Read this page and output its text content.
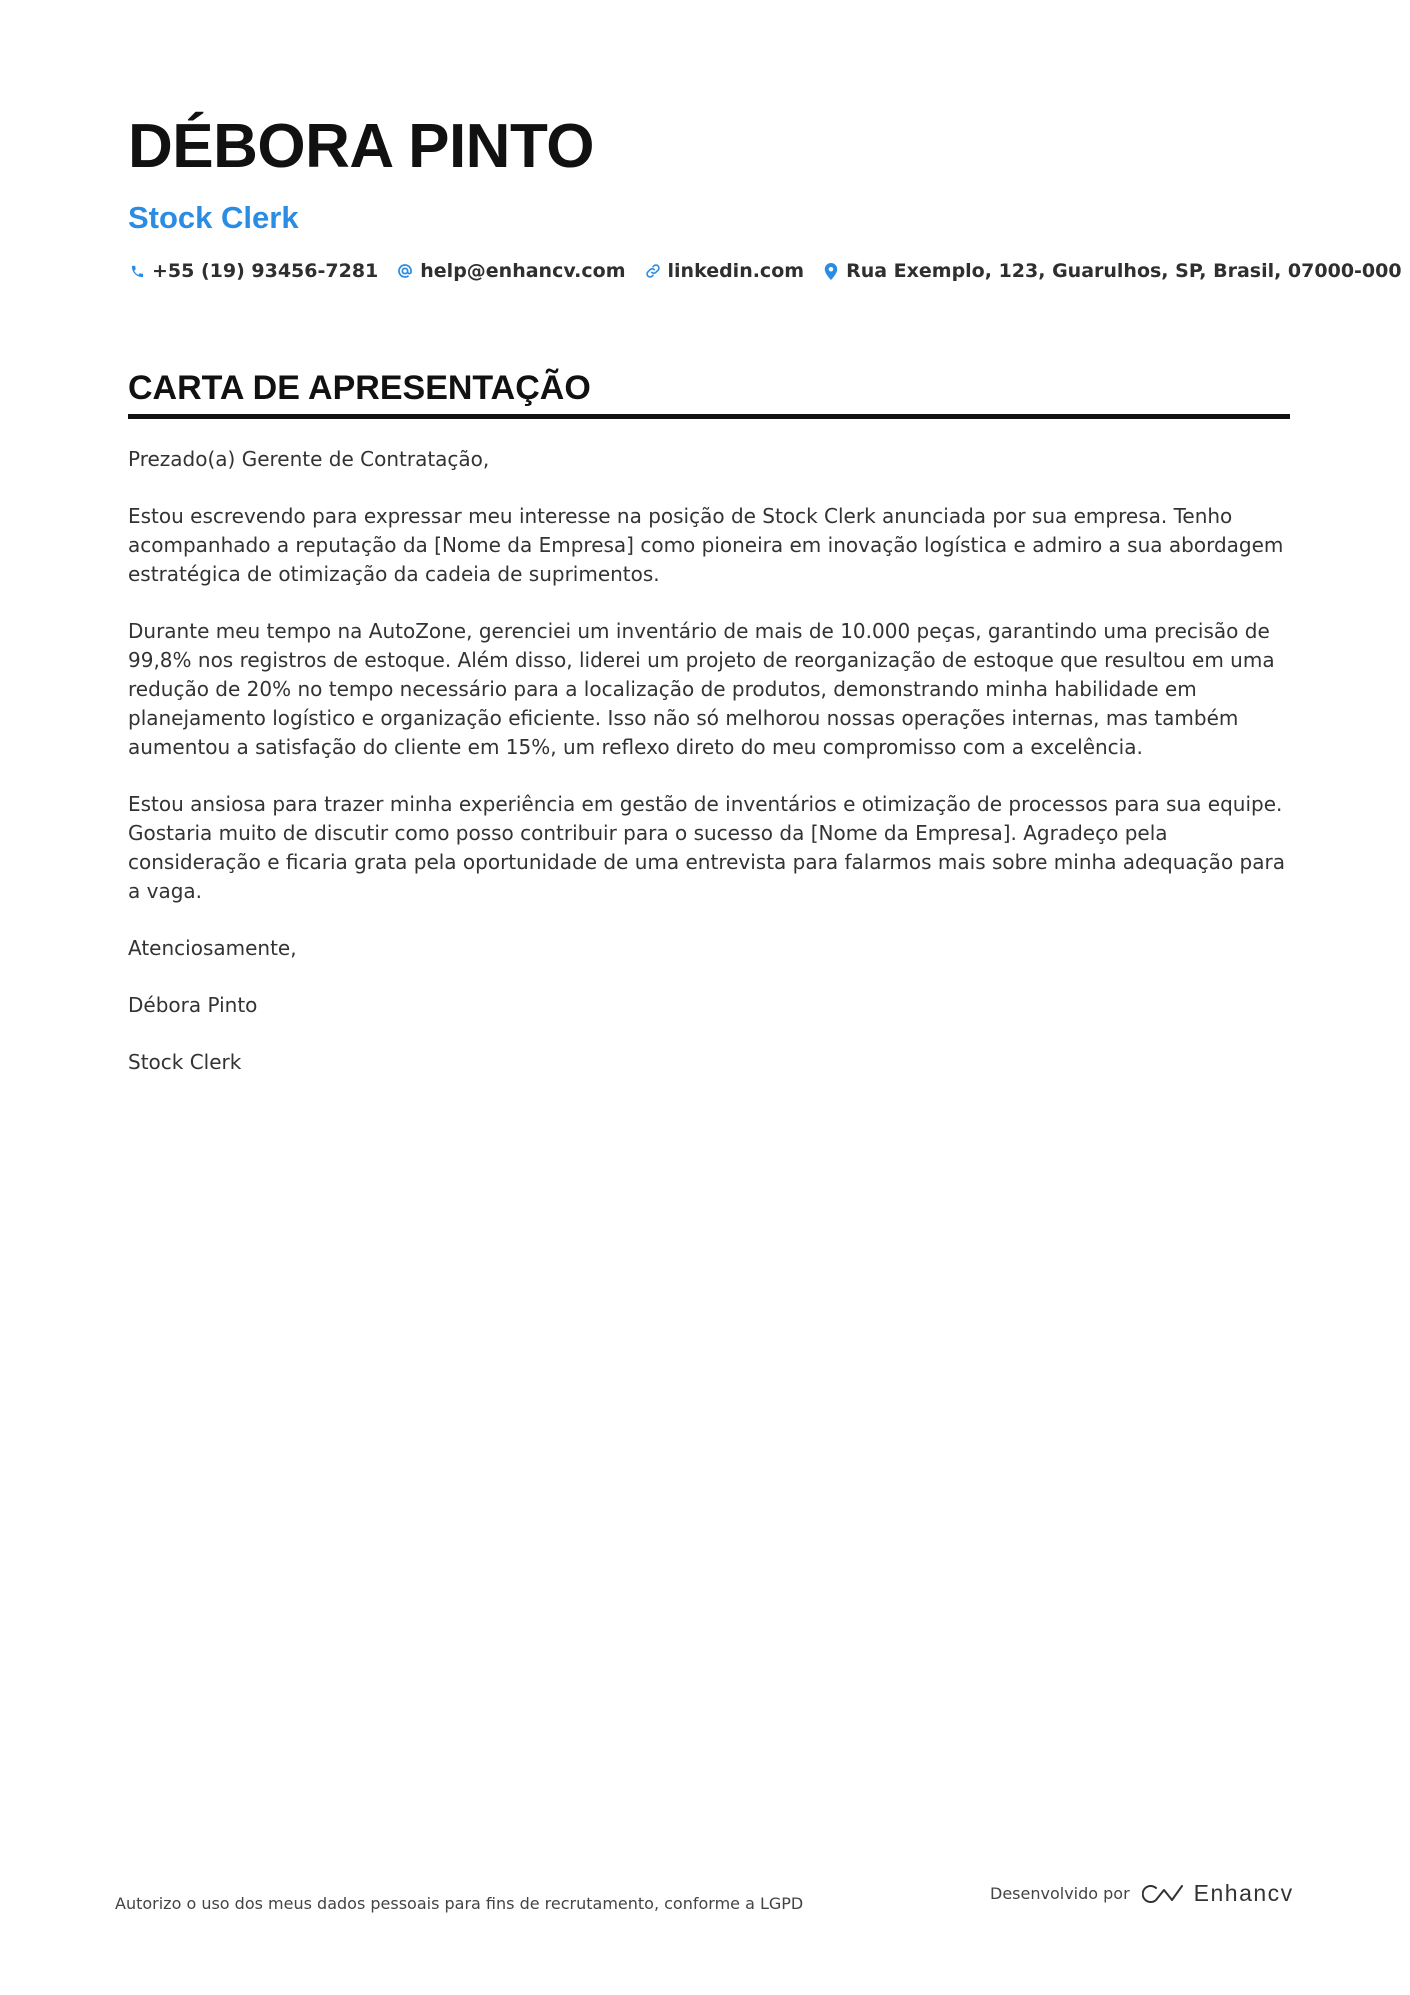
DÉBORA PINTO
Stock Clerk
+55 (19) 93456-7281 help@enhancv.com linkedin.com Rua Exemplo, 123, Guarulhos, SP, Brasil, 07000-000
CARTA DE APRESENTAÇÃO

Prezado(a) Gerente de Contratação,

Estou escrevendo para expressar meu interesse na posição de Stock Clerk anunciada por sua empresa. Tenho acompanhado a reputação da [Nome da Empresa] como pioneira em inovação logística e admiro a sua abordagem estratégica de otimização da cadeia de suprimentos.

Durante meu tempo na AutoZone, gerenciei um inventário de mais de 10.000 peças, garantindo uma precisão de 99,8% nos registros de estoque. Além disso, liderei um projeto de reorganização de estoque que resultou em uma redução de 20% no tempo necessário para a localização de produtos, demonstrando minha habilidade em planejamento logístico e organização eficiente. Isso não só melhorou nossas operações internas, mas também aumentou a satisfação do cliente em 15%, um reflexo direto do meu compromisso com a excelência.

Estou ansiosa para trazer minha experiência em gestão de inventários e otimização de processos para sua equipe. Gostaria muito de discutir como posso contribuir para o sucesso da [Nome da Empresa]. Agradeço pela consideração e ficaria grata pela oportunidade de uma entrevista para falarmos mais sobre minha adequação para a vaga.

Atenciosamente,

Débora Pinto

Stock Clerk

Autorizo o uso dos meus dados pessoais para fins de recrutamento, conforme a LGPD
Desenvolvido por	Enhancv
